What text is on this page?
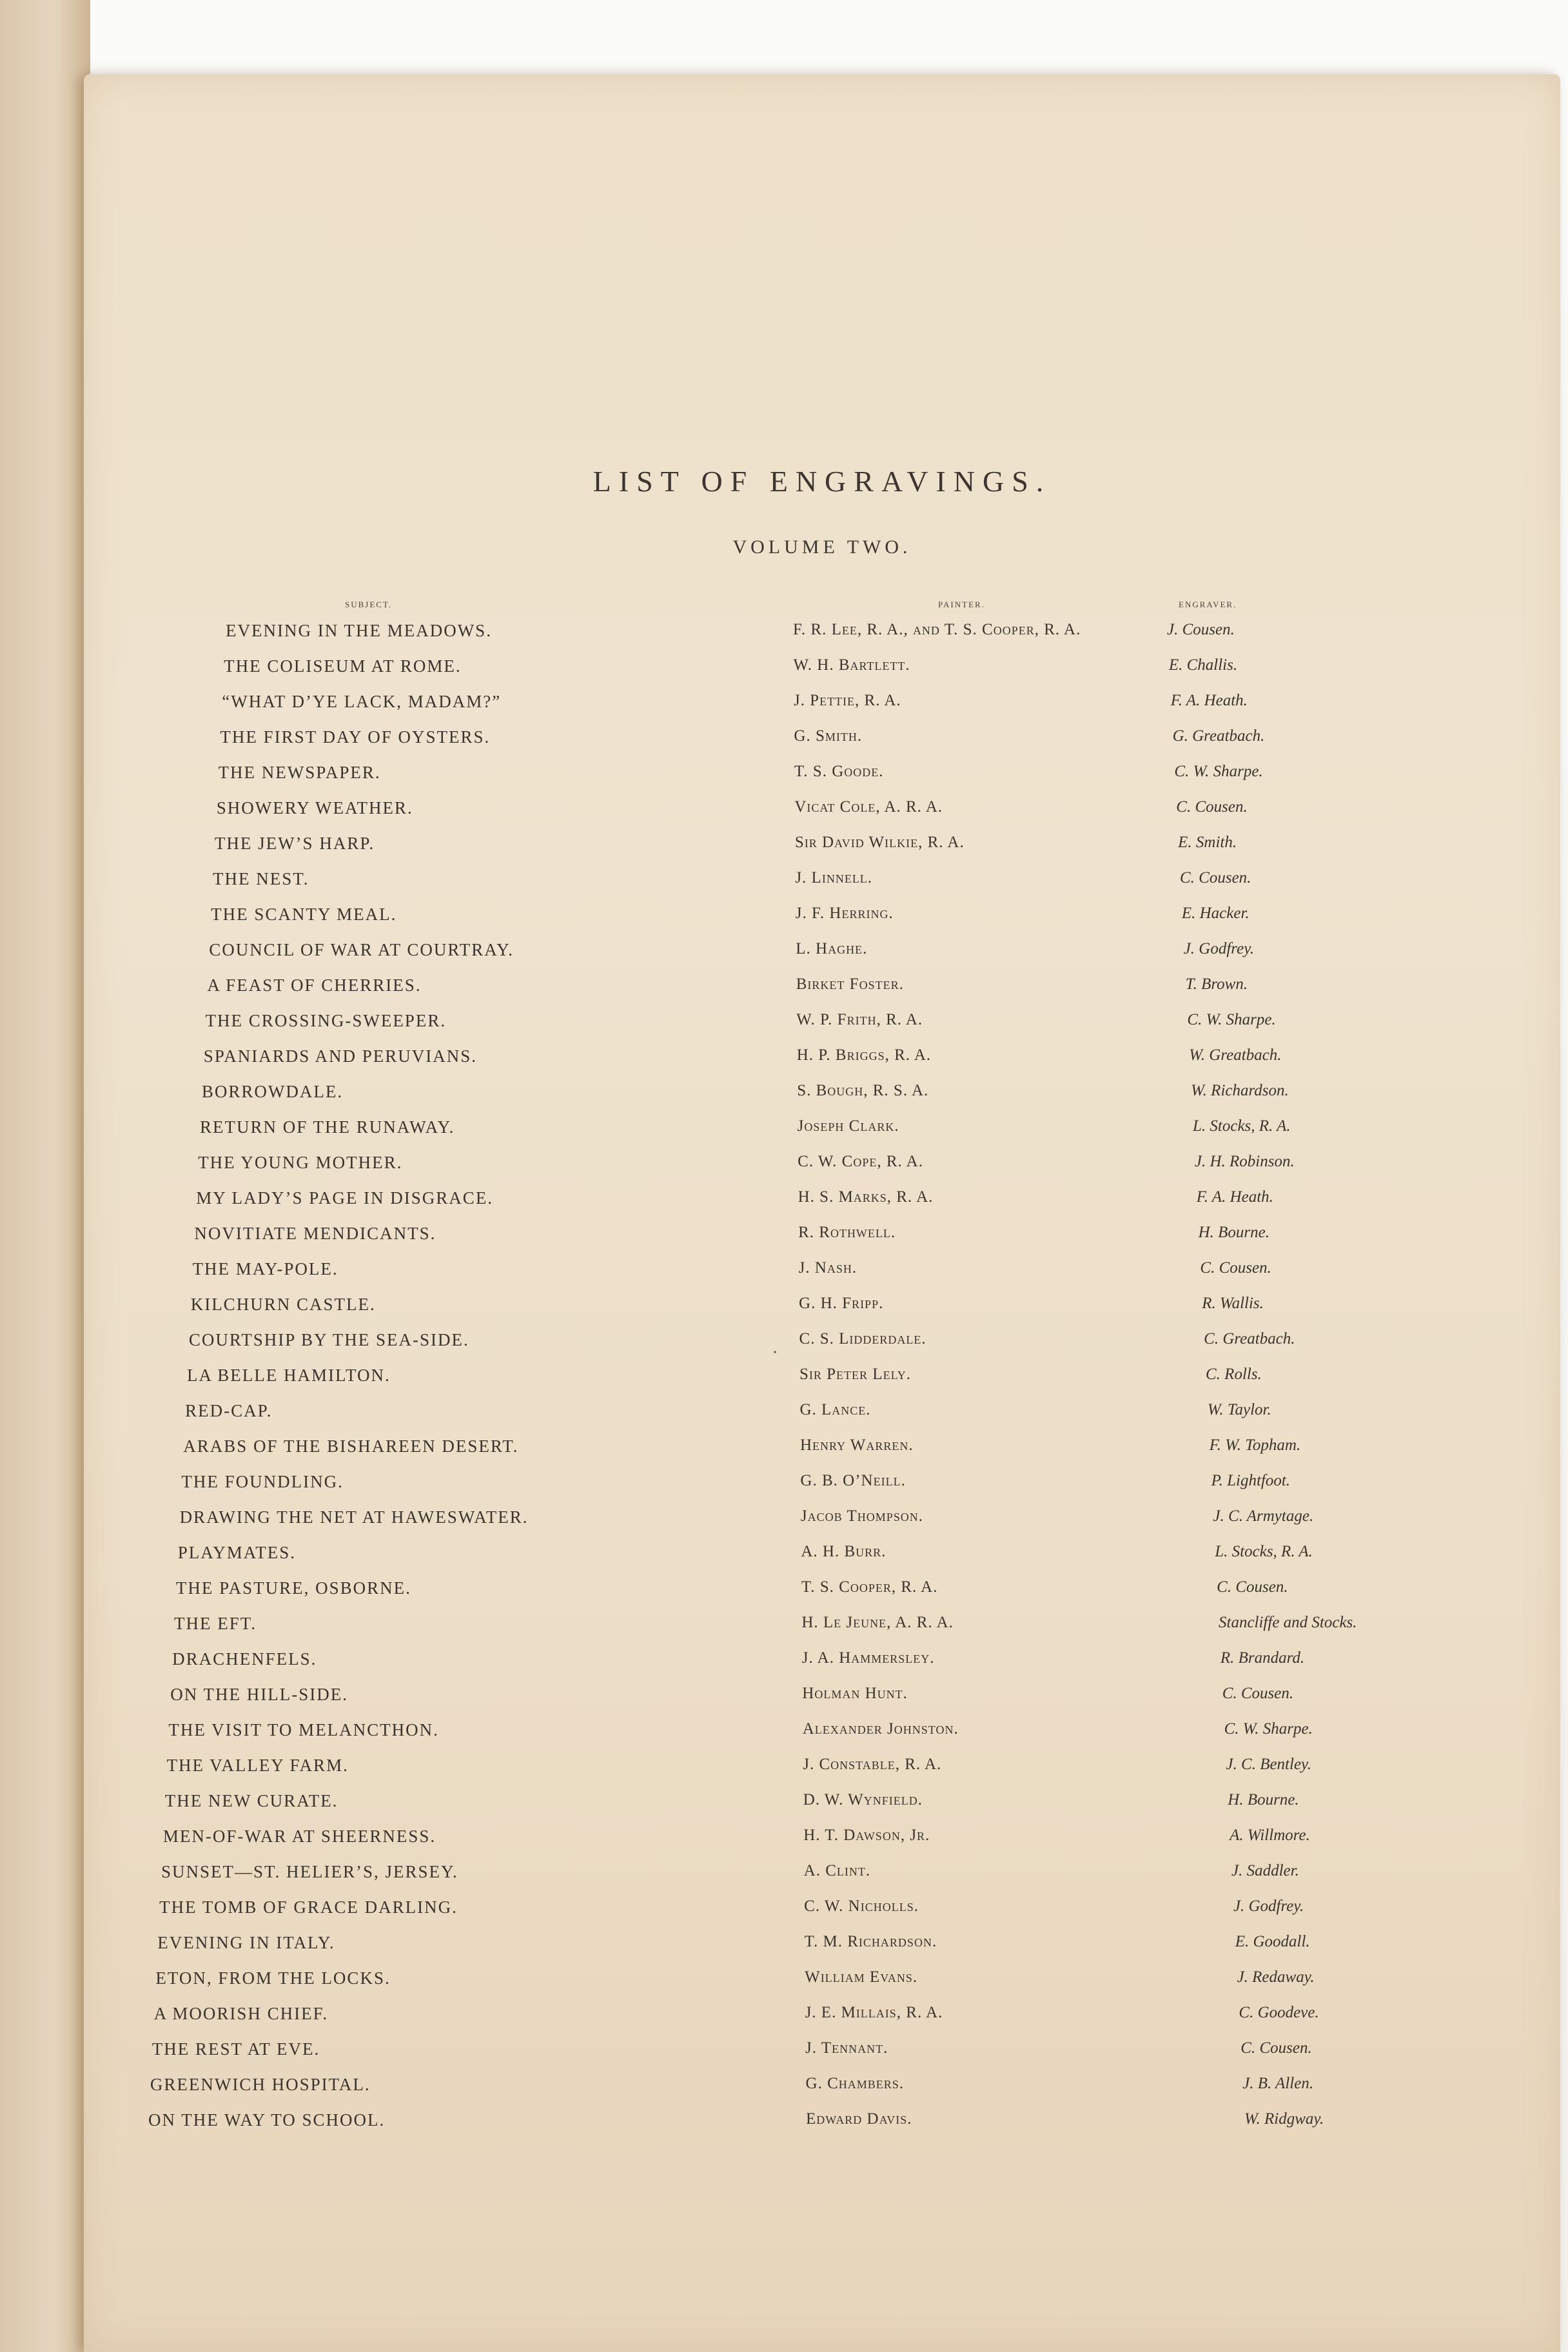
LIST OF ENGRAVINGS.
VOLUME TWO.
SUBJECT.	PAINTER.	ENGRAVER.
EVENING IN THE MEADOWS.	F. R. Lee, R. A., and T. S. Cooper, R. A.	J. Cousen.
THE COLISEUM AT ROME.	W. H. Bartlett.	E. Challis.
“WHAT D’YE LACK, MADAM?”	J. Pettie, R. A.	F. A. Heath.
THE FIRST DAY OF OYSTERS.	G. Smith.	G. Greatbach.
THE NEWSPAPER.	T. S. Goode.	C. W. Sharpe.
SHOWERY WEATHER.	Vicat Cole, A. R. A.	C. Cousen.
THE JEW’S HARP.	Sir David Wilkie, R. A.	E. Smith.
THE NEST.	J. Linnell.	C. Cousen.
THE SCANTY MEAL.	J. F. Herring.	E. Hacker.
COUNCIL OF WAR AT COURTRAY.	L. Haghe.	J. Godfrey.
A FEAST OF CHERRIES.	Birket Foster.	T. Brown.
THE CROSSING-SWEEPER.	W. P. Frith, R. A.	C. W. Sharpe.
SPANIARDS AND PERUVIANS.	H. P. Briggs, R. A.	W. Greatbach.
BORROWDALE.	S. Bough, R. S. A.	W. Richardson.
RETURN OF THE RUNAWAY.	Joseph Clark.	L. Stocks, R. A.
THE YOUNG MOTHER.	C. W. Cope, R. A.	J. H. Robinson.
MY LADY’S PAGE IN DISGRACE.	H. S. Marks, R. A.	F. A. Heath.
NOVITIATE MENDICANTS.	R. Rothwell.	H. Bourne.
THE MAY-POLE.	J. Nash.	C. Cousen.
KILCHURN CASTLE.	G. H. Fripp.	R. Wallis.
COURTSHIP BY THE SEA-SIDE.	C. S. Lidderdale.	C. Greatbach.
LA BELLE HAMILTON.	Sir Peter Lely.	C. Rolls.
RED-CAP.	G. Lance.	W. Taylor.
ARABS OF THE BISHAREEN DESERT.	Henry Warren.	F. W. Topham.
THE FOUNDLING.	G. B. O’Neill.	P. Lightfoot.
DRAWING THE NET AT HAWESWATER.	Jacob Thompson.	J. C. Armytage.
PLAYMATES.	A. H. Burr.	L. Stocks, R. A.
THE PASTURE, OSBORNE.	T. S. Cooper, R. A.	C. Cousen.
THE EFT.	H. Le Jeune, A. R. A.	Stancliffe and Stocks.
DRACHENFELS.	J. A. Hammersley.	R. Brandard.
ON THE HILL-SIDE.	Holman Hunt.	C. Cousen.
THE VISIT TO MELANCTHON.	Alexander Johnston.	C. W. Sharpe.
THE VALLEY FARM.	J. Constable, R. A.	J. C. Bentley.
THE NEW CURATE.	D. W. Wynfield.	H. Bourne.
MEN-OF-WAR AT SHEERNESS.	H. T. Dawson, Jr.	A. Willmore.
SUNSET—ST. HELIER’S, JERSEY.	A. Clint.	J. Saddler.
THE TOMB OF GRACE DARLING.	C. W. Nicholls.	J. Godfrey.
EVENING IN ITALY.	T. M. Richardson.	E. Goodall.
ETON, FROM THE LOCKS.	William Evans.	J. Redaway.
A MOORISH CHIEF.	J. E. Millais, R. A.	C. Goodeve.
THE REST AT EVE.	J. Tennant.	C. Cousen.
GREENWICH HOSPITAL.	G. Chambers.	J. B. Allen.
ON THE WAY TO SCHOOL.	Edward Davis.	W. Ridgway.
